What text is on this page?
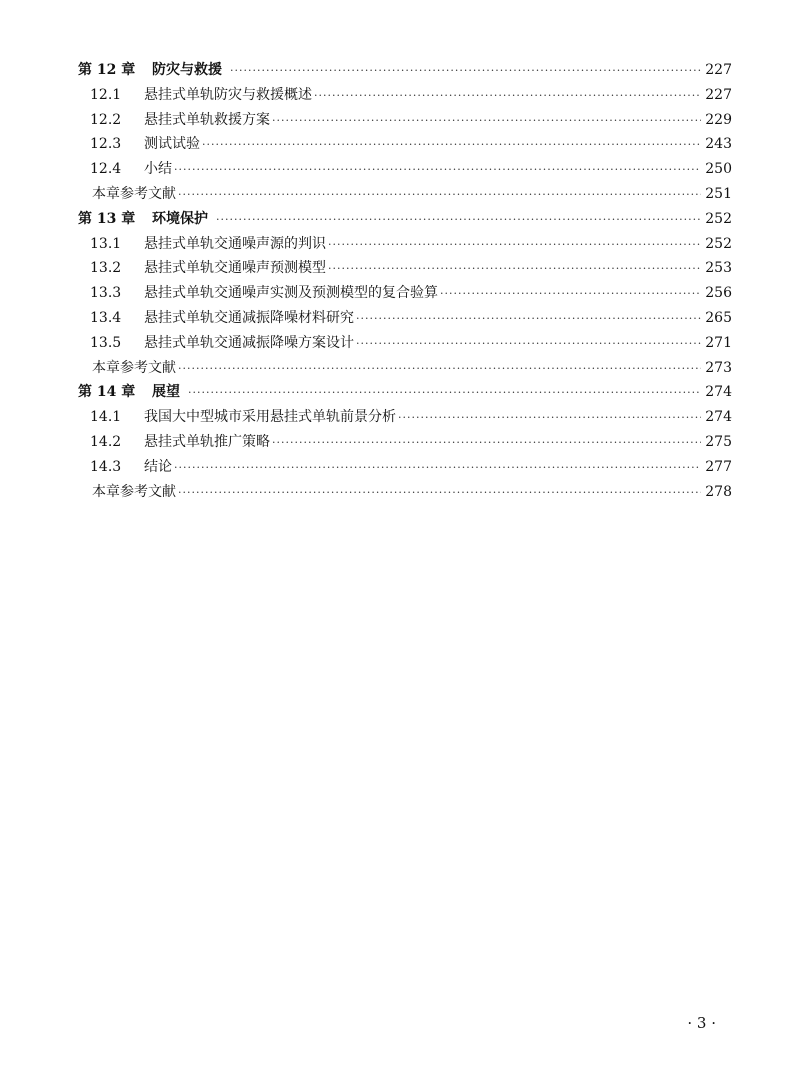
第 12 章	防灾与救援 ·····	227
12.1	悬挂式单轨防灾与救援概述 ·····	227
12.2	悬挂式单轨救援方案 ·····	229
12.3	测试试验 ·····	243
12.4	小结 ·····	250
本章参考文献 ·····	251
第 13 章	环境保护 ·····	252
13.1	悬挂式单轨交通噪声源的判识 ·····	252
13.2	悬挂式单轨交通噪声预测模型 ·····	253
13.3	悬挂式单轨交通噪声实测及预测模型的复合验算 ·····	256
13.4	悬挂式单轨交通减振降噪材料研究 ·····	265
13.5	悬挂式单轨交通减振降噪方案设计 ·····	271
本章参考文献 ·····	273
第 14 章	展望 ·····	274
14.1	我国大中型城市采用悬挂式单轨前景分析 ·····	274
14.2	悬挂式单轨推广策略 ·····	275
14.3	结论 ·····	277
本章参考文献 ·····	278
· 3 ·
